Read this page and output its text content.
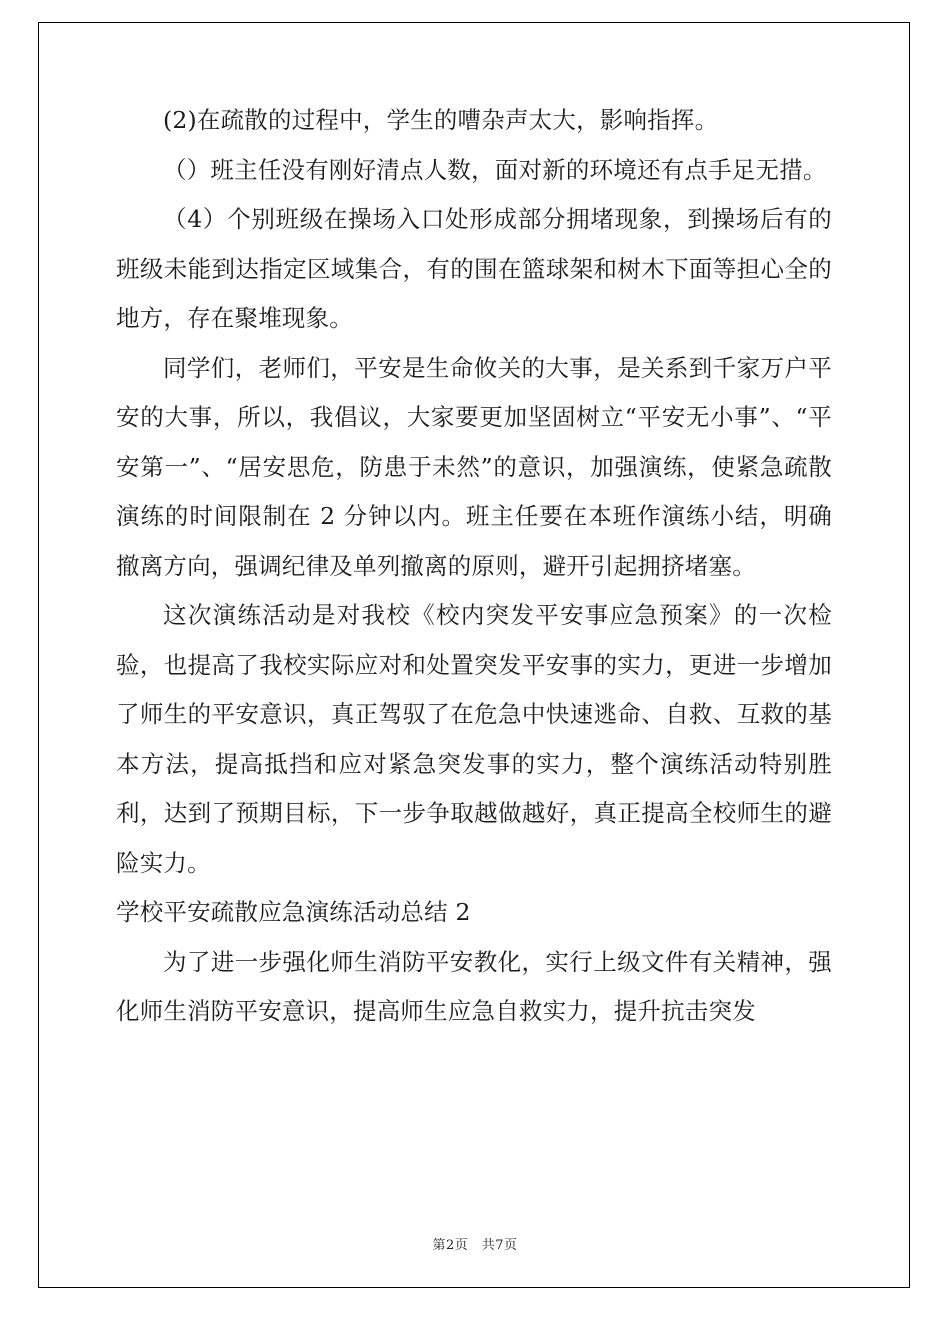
(2)在疏散的过程中，学生的嘈杂声太大，影响指挥。

（）班主任没有刚好清点人数，面对新的环境还有点手足无措。

（4）个别班级在操场入口处形成部分拥堵现象，到操场后有的班级未能到达指定区域集合，有的围在篮球架和树木下面等担心全的地方，存在聚堆现象。

同学们，老师们，平安是生命攸关的大事，是关系到千家万户平安的大事，所以，我倡议，大家要更加坚固树立“平安无小事”、“平安第一”、“居安思危，防患于未然”的意识，加强演练，使紧急疏散演练的时间限制在 2 分钟以内。班主任要在本班作演练小结，明确撤离方向，强调纪律及单列撤离的原则，避开引起拥挤堵塞。

这次演练活动是对我校《校内突发平安事应急预案》的一次检验，也提高了我校实际应对和处置突发平安事的实力，更进一步增加了师生的平安意识，真正驾驭了在危急中快速逃命、自救、互救的基本方法，提高抵挡和应对紧急突发事的实力，整个演练活动特别胜利，达到了预期目标，下一步争取越做越好，真正提高全校师生的避险实力。

学校平安疏散应急演练活动总结 2

为了进一步强化师生消防平安教化，实行上级文件有关精神，强化师生消防平安意识，提高师生应急自救实力，提升抗击突发

第2页　共7页
